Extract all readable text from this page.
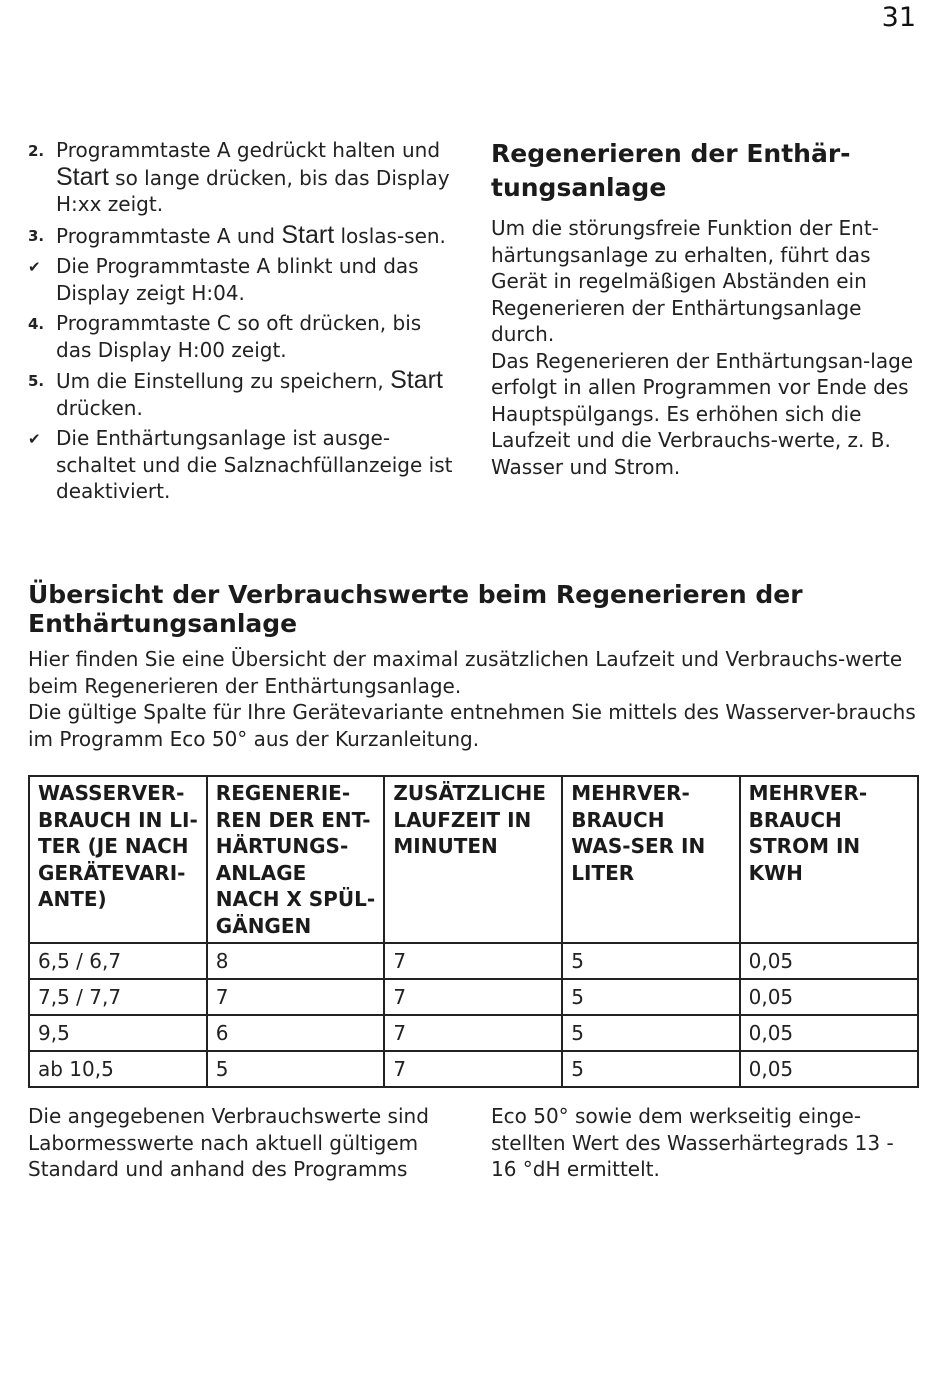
31
2. Programmtaste A gedrückt halten und Start so lange drücken, bis das Display H:xx zeigt.
3. Programmtaste A und Start loslas-sen.
✔ Die Programmtaste A blinkt und das Display zeigt H:04.
4. Programmtaste C so oft drücken, bis das Display H:00 zeigt.
5. Um die Einstellung zu speichern, Start drücken.
✔ Die Enthärtungsanlage ist ausge-schaltet und die Salznachfüllanzeige ist deaktiviert.
Regenerieren der Enthär-tungsanlage

Um die störungsfreie Funktion der Ent-härtungsanlage zu erhalten, führt das Gerät in regelmäßigen Abständen ein Regenerieren der Enthärtungsanlage durch.

Das Regenerieren der Enthärtungsan-lage erfolgt in allen Programmen vor Ende des Hauptspülgangs. Es erhöhen sich die Laufzeit und die Verbrauchs-werte, z. B. Wasser und Strom.

Übersicht der Verbrauchswerte beim Regenerieren der Enthärtungsanlage

Hier finden Sie eine Übersicht der maximal zusätzlichen Laufzeit und Verbrauchs-werte beim Regenerieren der Enthärtungsanlage.

Die gültige Spalte für Ihre Gerätevariante entnehmen Sie mittels des Wasserver-brauchs im Programm Eco 50° aus der Kurzanleitung.

WASSERVER-BRAUCH IN LI-TER (JE NACH GERÄTEVARI-ANTE)	REGENERIE-REN DER ENT-HÄRTUNGS-ANLAGE NACH X SPÜL-GÄNGEN	ZUSÄTZLICHE LAUFZEIT IN MINUTEN	MEHRVER-BRAUCH WAS-SER IN LITER	MEHRVER-BRAUCH STROM IN KWH
6,5 / 6,7	8	7	5	0,05
7,5 / 7,7	7	7	5	0,05
9,5	6	7	5	0,05
ab 10,5	5	7	5	0,05

Die angegebenen Verbrauchswerte sind Labormesswerte nach aktuell gültigem Standard und anhand des Programms

Eco 50° sowie dem werkseitig einge-stellten Wert des Wasserhärtegrads 13 - 16 °dH ermittelt.
